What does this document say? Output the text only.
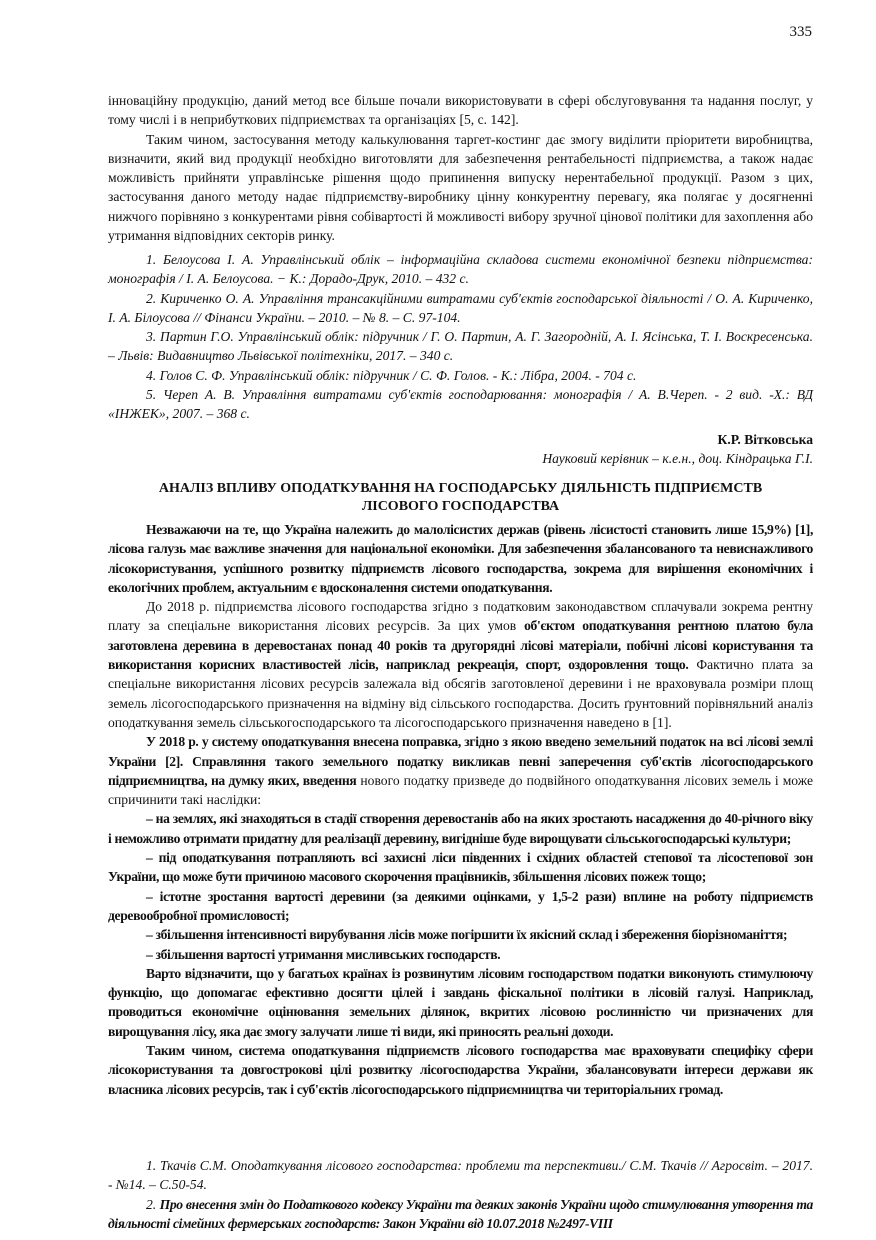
335

інноваційну продукцію, даний метод все більше почали використовувати в сфері обслуговування та надання послуг, у тому числі і в неприбуткових підприємствах та організаціях [5, с. 142].

Таким чином, застосування методу калькулювання таргет-костинг дає змогу виділити пріоритети виробництва, визначити, який вид продукції необхідно виготовляти для забезпечення рентабельності підприємства, а також надає можливість прийняти управлінське рішення щодо припинення випуску нерентабельної продукції. Разом з цих, застосування даного методу надає підприємству-виробнику цінну конкурентну перевагу, яка полягає у досягненні нижчого порівняно з конкурентами рівня собівартості й можливості вибору зручної цінової політики для захоплення або утримання відповідних секторів ринку.

1. Белоусова І. А. Управлінський облік – інформаційна складова системи економічної безпеки підприємства: монографія / І. А. Белоусова. − К.: Дорадо-Друк, 2010. – 432 с.

2. Кириченко О. А. Управління трансакційними витратами суб'єктів господарської діяльності / О. А. Кириченко, І. А. Білоусова // Фінанси України. – 2010. – № 8. – С. 97-104.

3. Партин Г.О. Управлінський облік: підручник / Г. О. Партин, А. Г. Загородній, А. І. Ясінська, Т. І. Воскресенська. – Львів: Видавництво Львівської політехніки, 2017. – 340 с.

4. Голов С. Ф. Управлінський облік: підручник / С. Ф. Голов. - К.: Лібра, 2004. - 704 с.

5. Череп А. В. Управління витратами суб'єктів господарювання: монографія / А. В.Череп. - 2 вид. -Х.: ВД «ІНЖЕК», 2007. – 368 с.

К.Р. Вітковська

Науковий керівник – к.е.н., доц. Кіндрацька Г.І.

АНАЛІЗ ВПЛИВУ ОПОДАТКУВАННЯ НА ГОСПОДАРСЬКУ ДІЯЛЬНІСТЬ ПІДПРИЄМСТВ

ЛІСОВОГО ГОСПОДАРСТВА

Незважаючи на те, що Україна належить до малолісистих держав (рівень лісистості становить лише 15,9%) [1], лісова галузь має важливе значення для національної економіки. Для забезпечення збалансованого та невиснажливого лісокористування, успішного розвитку підприємств лісового господарства, зокрема для вирішення економічних і екологічних проблем, актуальним є вдосконалення системи оподаткування.

До 2018 р. підприємства лісового господарства згідно з податковим законодавством сплачували зокрема рентну плату за спеціальне використання лісових ресурсів. За цих умов об'єктом оподаткування рентною платою була заготовлена деревина в деревостанах понад 40 років та другорядні лісові матеріали, побічні лісові користування та використання корисних властивостей лісів, наприклад рекреація, спорт, оздоровлення тощо. Фактично плата за спеціальне використання лісових ресурсів залежала від обсягів заготовленої деревини і не враховувала розміри площ земель лісогосподарського призначення на відміну від сільського господарства. Досить ґрунтовний порівняльний аналіз оподаткування земель сільськогосподарського та лісогосподарського призначення наведено в [1].

У 2018 р. у систему оподаткування внесена поправка, згідно з якою введено земельний податок на всі лісові землі України [2]. Справляння такого земельного податку викликав певні заперечення суб'єктів лісогосподарського підприємництва, на думку яких, введення нового податку призведе до подвійного оподаткування лісових земель і може спричинити такі наслідки:

– на землях, які знаходяться в стадії створення деревостанів або на яких зростають насадження до 40-річного віку і неможливо отримати придатну для реалізації деревину, вигідніше буде вирощувати сільськогосподарські культури;

– під оподаткування потрапляють всі захисні ліси південних і східних областей степової та лісостепової зон України, що може бути причиною масового скорочення працівників, збільшення лісових пожеж тощо;

– істотне зростання вартості деревини (за деякими оцінками, у 1,5-2 рази) вплине на роботу підприємств деревообробної промисловості;

– збільшення інтенсивності вирубування лісів може погіршити їх якісний склад і збереження біорізноманіття;

– збільшення вартості утримання мисливських господарств.

Варто відзначити, що у багатьох країнах із розвинутим лісовим господарством податки виконують стимулюючу функцію, що допомагає ефективно досягти цілей і завдань фіскальної політики в лісовій галузі. Наприклад, проводиться економічне оцінювання земельних ділянок, вкритих лісовою рослинністю чи призначених для вирощування лісу, яка дає змогу залучати лише ті види, які приносять реальні доходи.

Таким чином, система оподаткування підприємств лісового господарства має враховувати специфіку сфери лісокористування та довгострокові цілі розвитку лісогосподарства України, збалансовувати інтереси держави як власника лісових ресурсів, так і суб'єктів лісогосподарського підприємництва чи територіальних громад.

1. Ткачів С.М. Оподаткування лісового господарства: проблеми та перспективи./ С.М. Ткачів // Агросвіт. – 2017. - №14. – С.50-54.

2. Про внесення змін до Податкового кодексу України та деяких законів України щодо стимулювання утворення та діяльності сімейних фермерських господарств: Закон України від 10.07.2018 №2497-VIII
